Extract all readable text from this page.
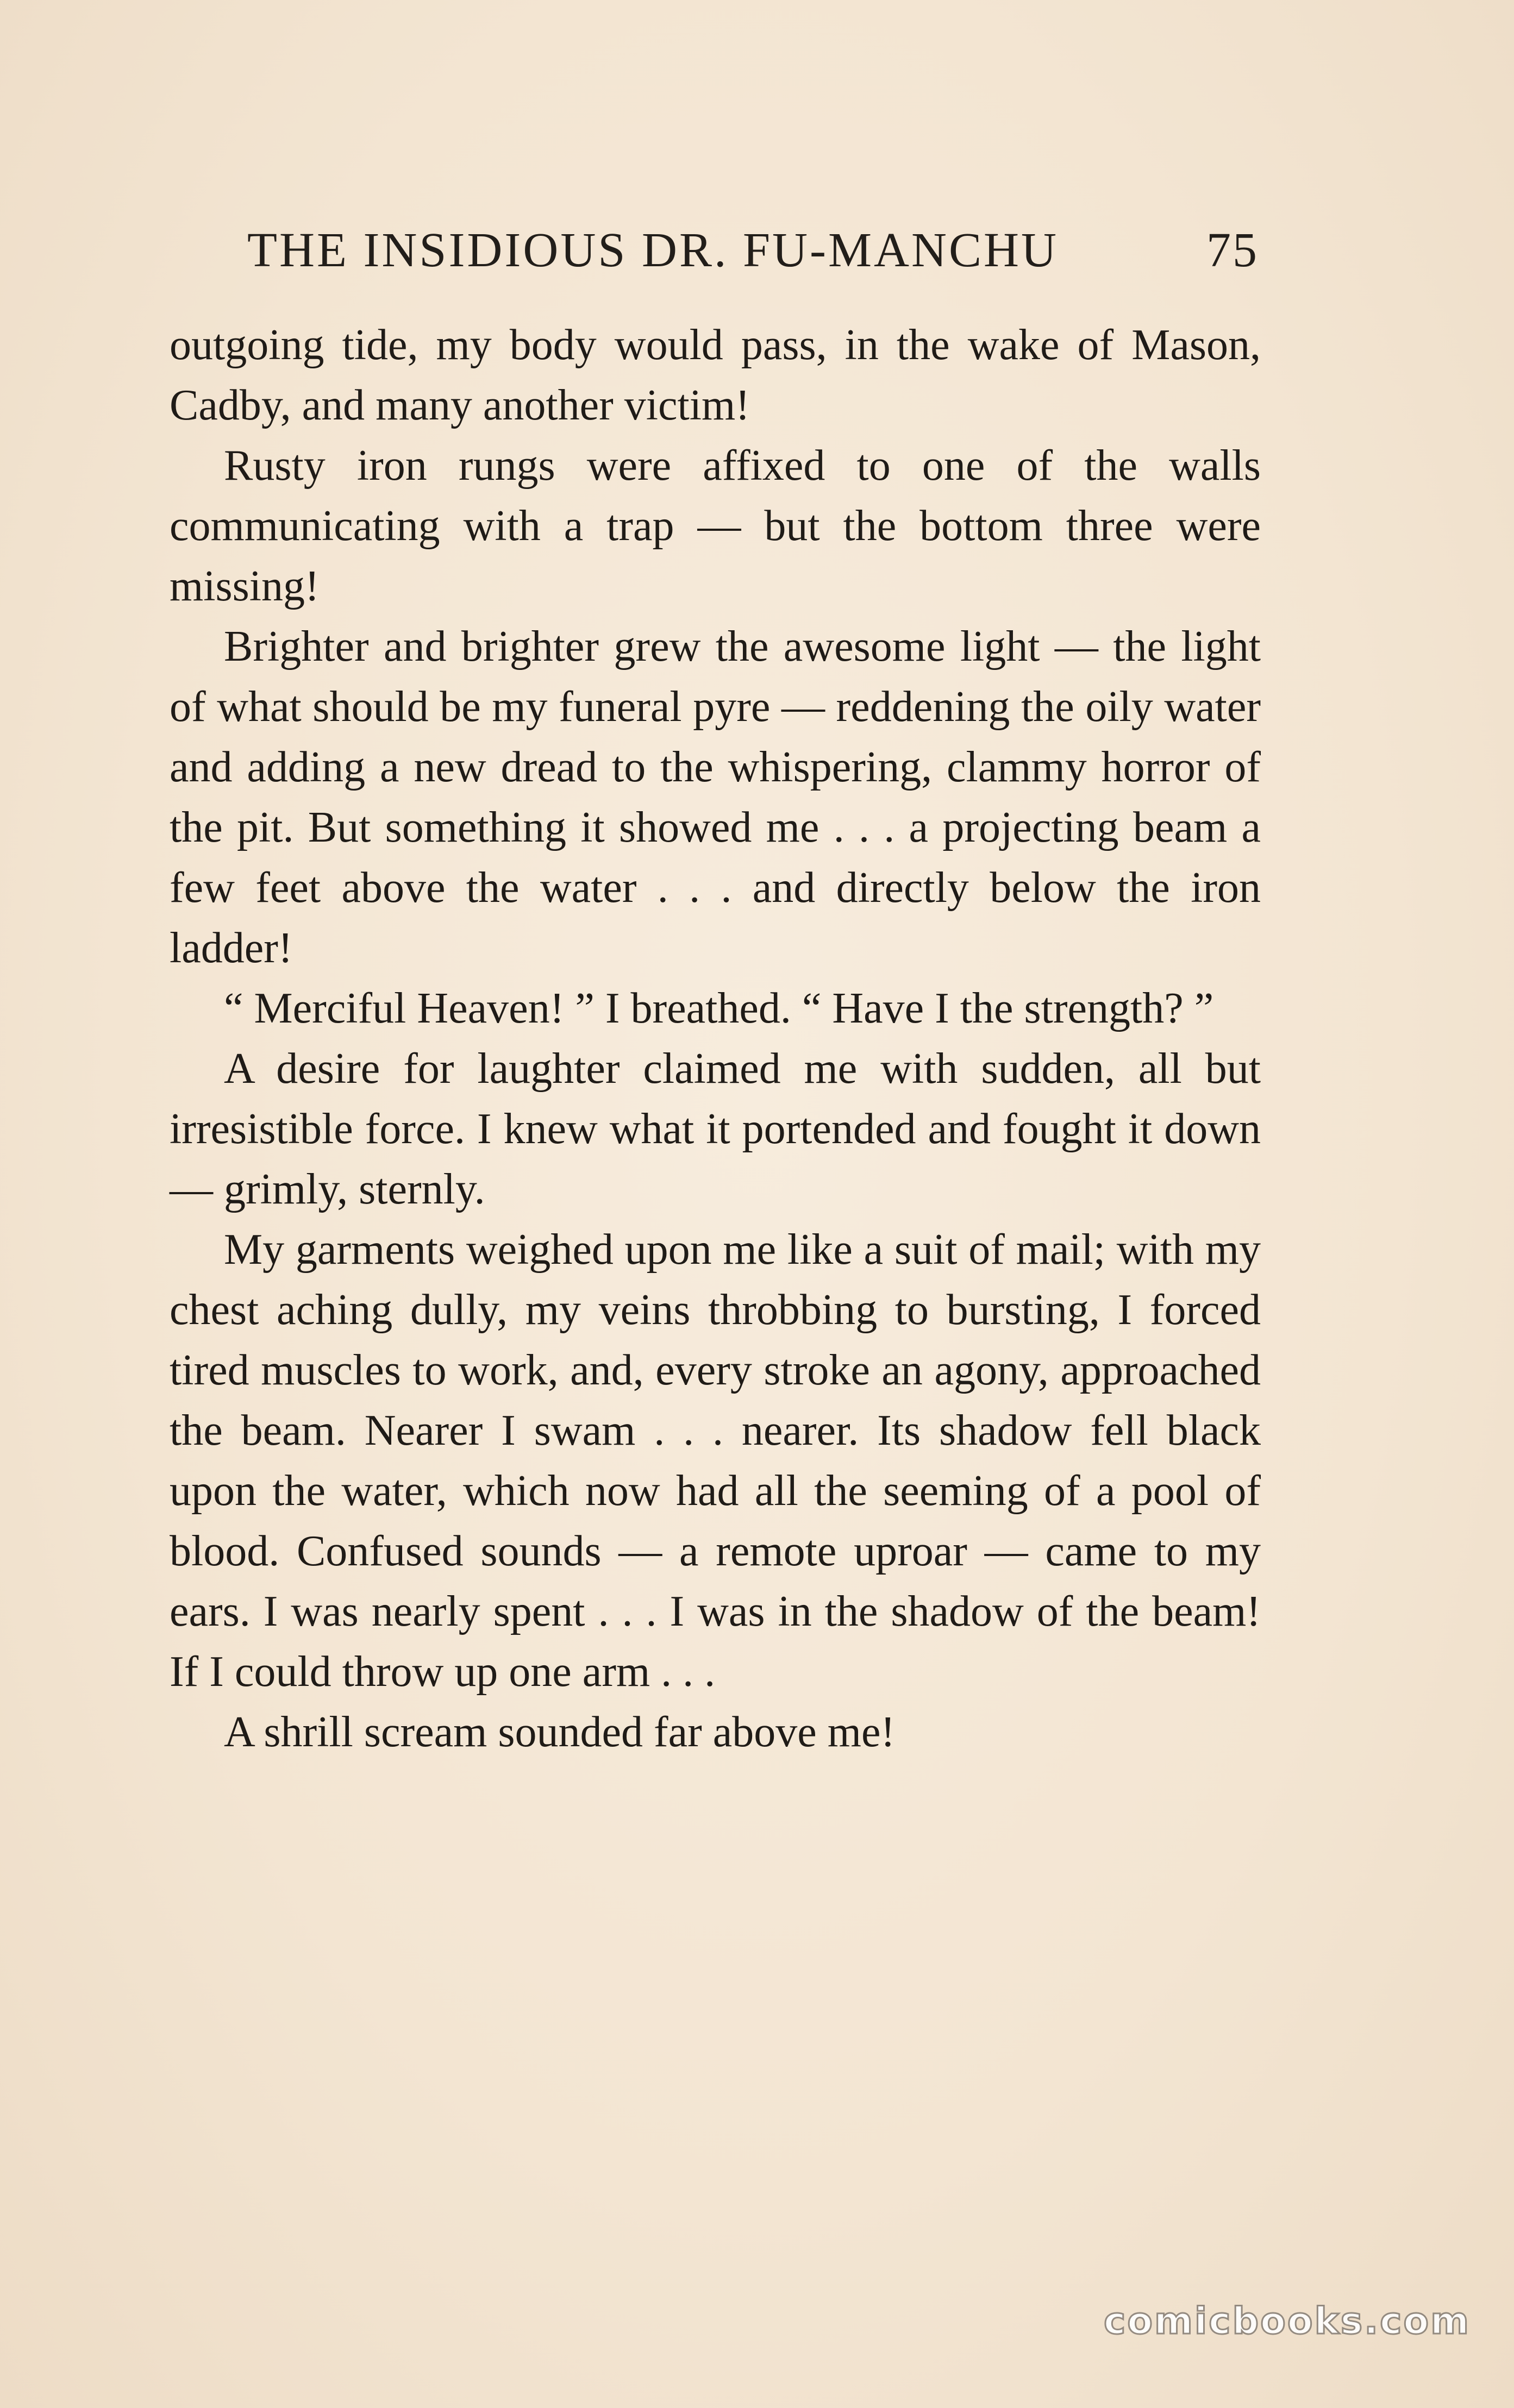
THE INSIDIOUS DR. FU-MANCHU	75

outgoing tide, my body would pass, in the wake of Mason, Cadby, and many another victim!

Rusty iron rungs were affixed to one of the walls communicating with a trap — but the bottom three were missing!

Brighter and brighter grew the awesome light — the light of what should be my funeral pyre — reddening the oily water and adding a new dread to the whispering, clammy horror of the pit. But something it showed me . . . a projecting beam a few feet above the water . . . and directly below the iron ladder!

“ Merciful Heaven! ” I breathed. “ Have I the strength? ”

A desire for laughter claimed me with sudden, all but irresistible force. I knew what it portended and fought it down — grimly, sternly.

My garments weighed upon me like a suit of mail; with my chest aching dully, my veins throbbing to bursting, I forced tired muscles to work, and, every stroke an agony, approached the beam. Nearer I swam . . . nearer. Its shadow fell black upon the water, which now had all the seeming of a pool of blood. Confused sounds — a remote uproar — came to my ears. I was nearly spent . . . I was in the shadow of the beam! If I could throw up one arm . . .

A shrill scream sounded far above me!

comicbooks.com
